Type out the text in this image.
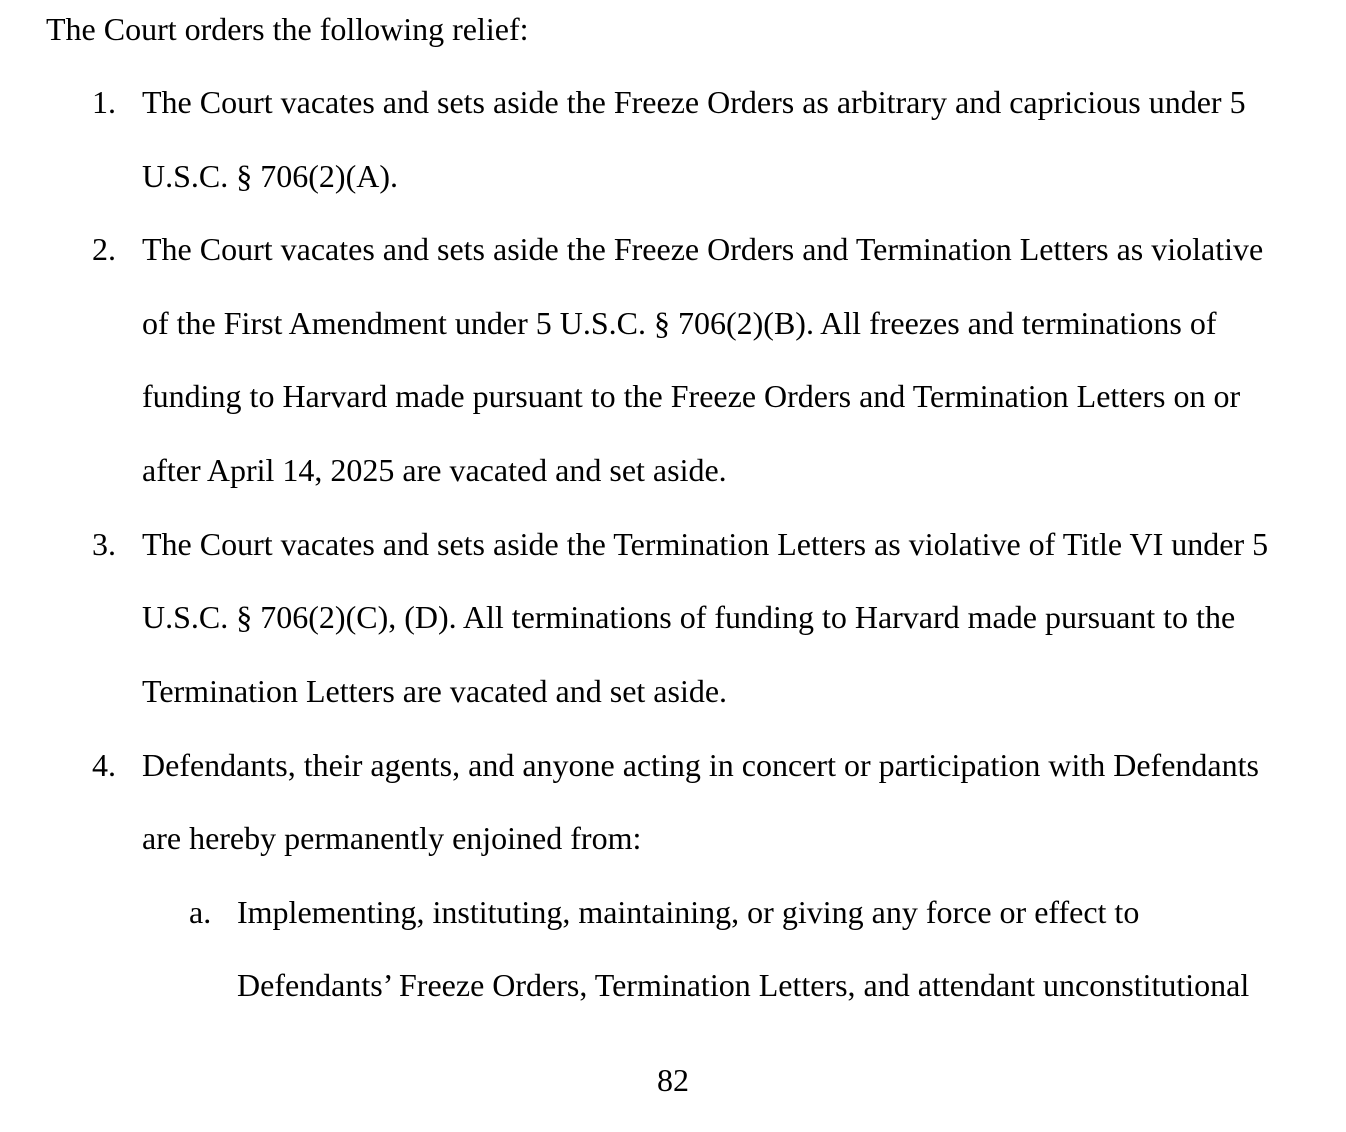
The Court orders the following relief:
1. The Court vacates and sets aside the Freeze Orders as arbitrary and capricious under 5
U.S.C. § 706(2)(A).
2. The Court vacates and sets aside the Freeze Orders and Termination Letters as violative
of the First Amendment under 5 U.S.C. § 706(2)(B). All freezes and terminations of
funding to Harvard made pursuant to the Freeze Orders and Termination Letters on or
after April 14, 2025 are vacated and set aside.
3. The Court vacates and sets aside the Termination Letters as violative of Title VI under 5
U.S.C. § 706(2)(C), (D). All terminations of funding to Harvard made pursuant to the
Termination Letters are vacated and set aside.
4. Defendants, their agents, and anyone acting in concert or participation with Defendants
are hereby permanently enjoined from:
a. Implementing, instituting, maintaining, or giving any force or effect to
Defendants’ Freeze Orders, Termination Letters, and attendant unconstitutional
82
